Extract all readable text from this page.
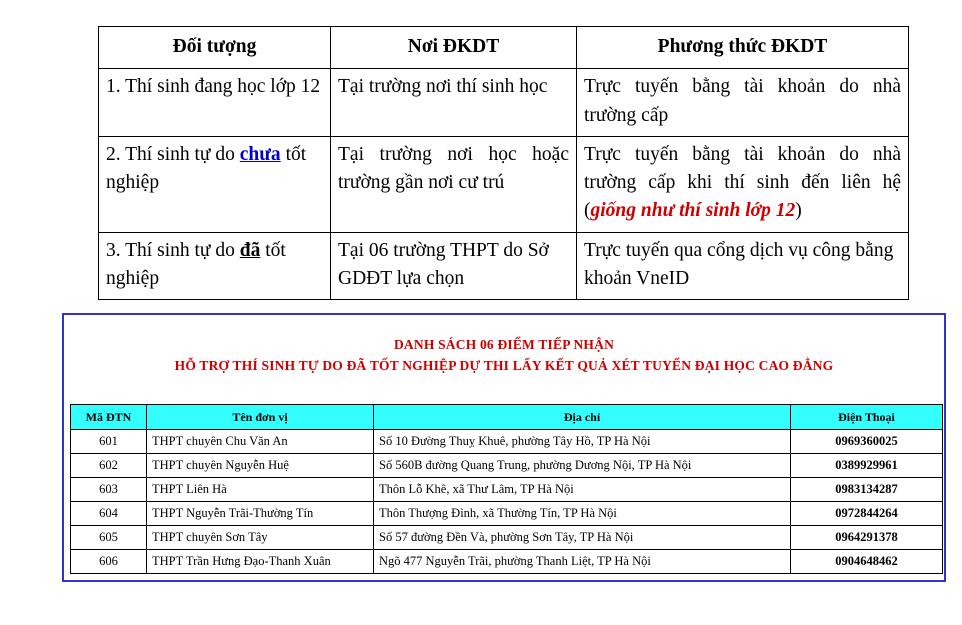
Đối tượng	Nơi ĐKDT	Phương thức ĐKDT
1. Thí sinh đang học lớp 12	Tại trường nơi thí sinh học	Trực tuyến bằng tài khoản do nhà trường cấp
2. Thí sinh tự do chưa tốt nghiệp	Tại trường nơi học hoặc trường gần nơi cư trú	Trực tuyến bằng tài khoản do nhà trường cấp khi thí sinh đến liên hệ (giống như thí sinh lớp 12)
3. Thí sinh tự do đã tốt nghiệp	Tại 06 trường THPT do Sở GDĐT lựa chọn	Trực tuyến qua cổng dịch vụ công bằng khoản VneID
DANH SÁCH 06 ĐIỂM TIẾP NHẬN
HỖ TRỢ THÍ SINH TỰ DO ĐÃ TỐT NGHIỆP DỰ THI LẤY KẾT QUẢ XÉT TUYỂN ĐẠI HỌC CAO ĐẲNG
Mã ĐTN	Tên đơn vị	Địa chỉ	Điện Thoại
601	THPT chuyên Chu Văn An	Số 10 Đường Thuỵ Khuê, phường Tây Hồ, TP Hà Nội	0969360025
602	THPT chuyên Nguyễn Huệ	Số 560B đường Quang Trung, phường Dương Nội, TP Hà Nội	0389929961
603	THPT Liên Hà	Thôn Lỗ Khê, xã Thư Lâm, TP Hà Nội	0983134287
604	THPT Nguyễn Trãi-Thường Tín	Thôn Thượng Đình, xã Thường Tín, TP Hà Nội	0972844264
605	THPT chuyên Sơn Tây	Số 57 đường Đền Và, phường Sơn Tây, TP Hà Nội	0964291378
606	THPT Trần Hưng Đạo-Thanh Xuân	Ngõ 477 Nguyễn Trãi, phường Thanh Liệt, TP Hà Nội	0904648462
